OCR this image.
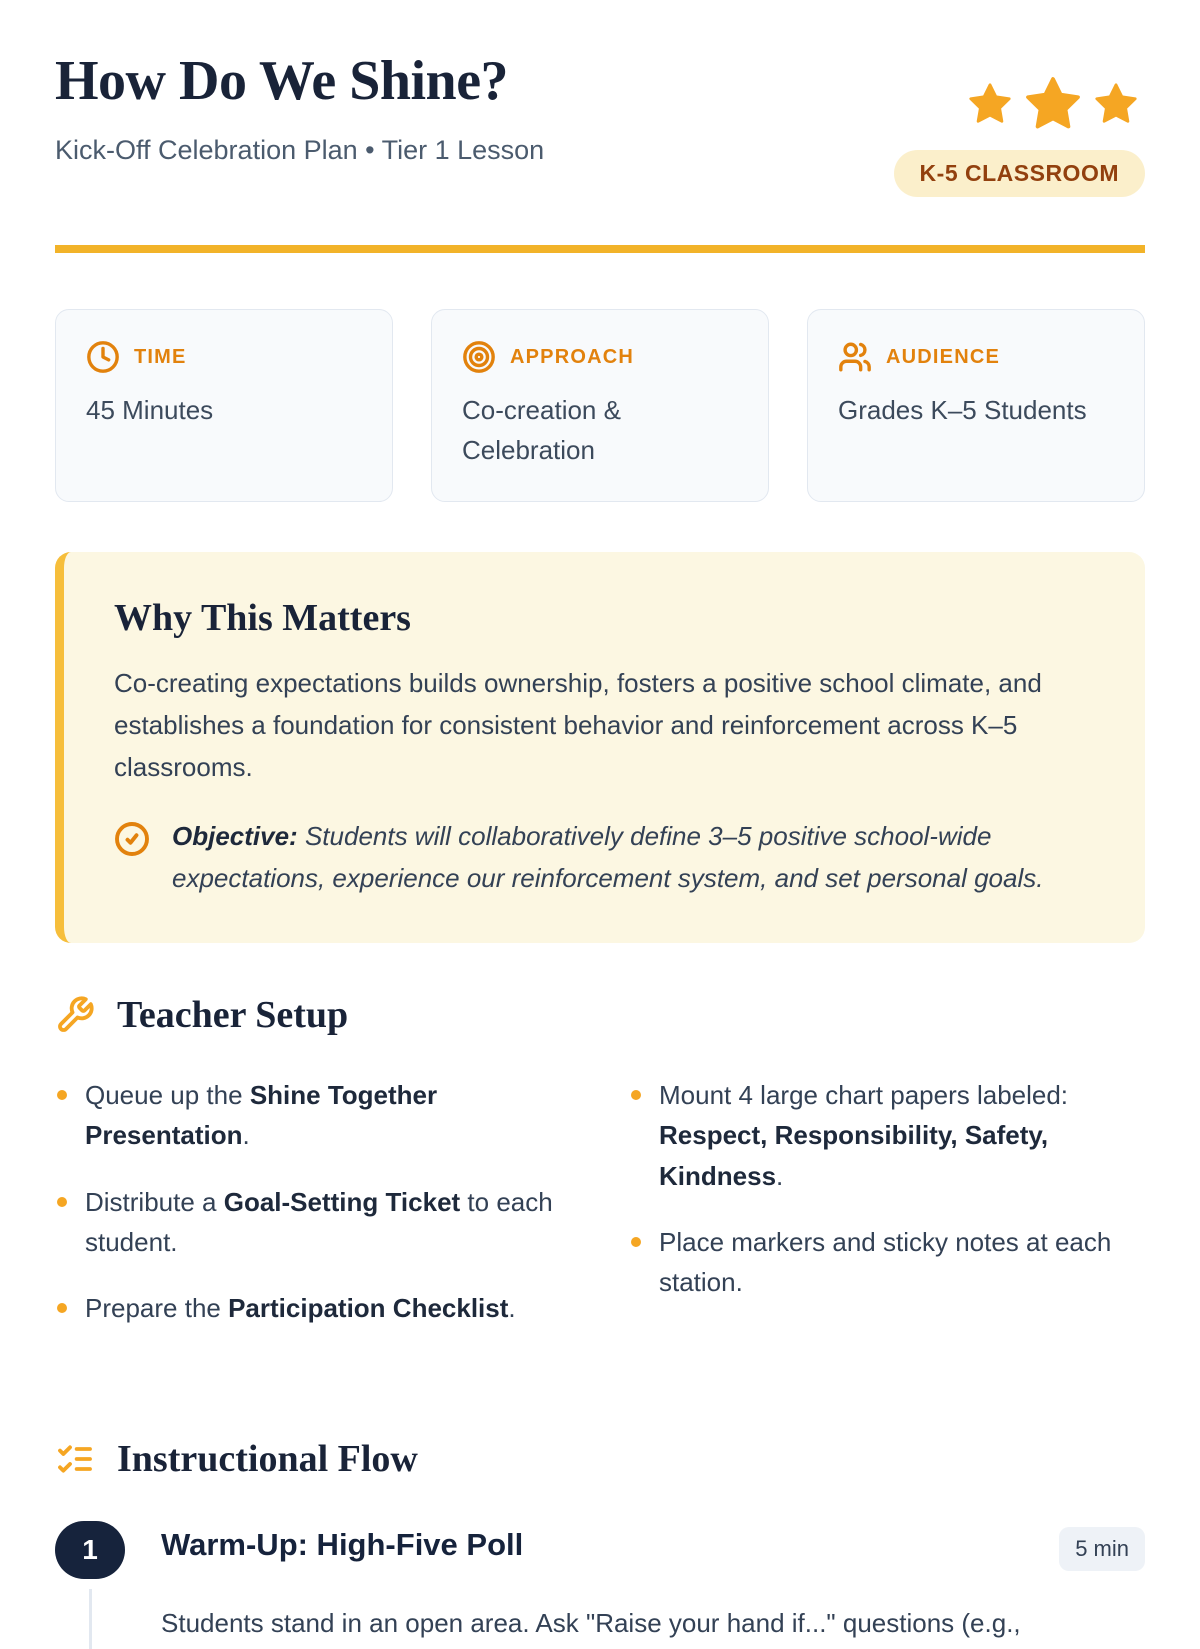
How Do We Shine?

Kick-Off Celebration Plan • Tier 1 Lesson

K-5 CLASSROOM
TIME
45 Minutes
APPROACH
Co-creation & Celebration
AUDIENCE
Grades K–5 Students
Why This Matters

Co-creating expectations builds ownership, fosters a positive school climate, and establishes a foundation for consistent behavior and reinforcement across K–5 classrooms.

Objective: Students will collaboratively define 3–5 positive school-wide expectations, experience our reinforcement system, and set personal goals.

Teacher Setup
Queue up the Shine Together Presentation.
Distribute a Goal-Setting Ticket to each student.
Prepare the Participation Checklist.
Mount 4 large chart papers labeled: Respect, Responsibility, Safety, Kindness.
Place markers and sticky notes at each station.
Instructional Flow
1	Warm-Up: High-Five Poll	5 min

Students stand in an open area. Ask "Raise your hand if..." questions (e.g.,
